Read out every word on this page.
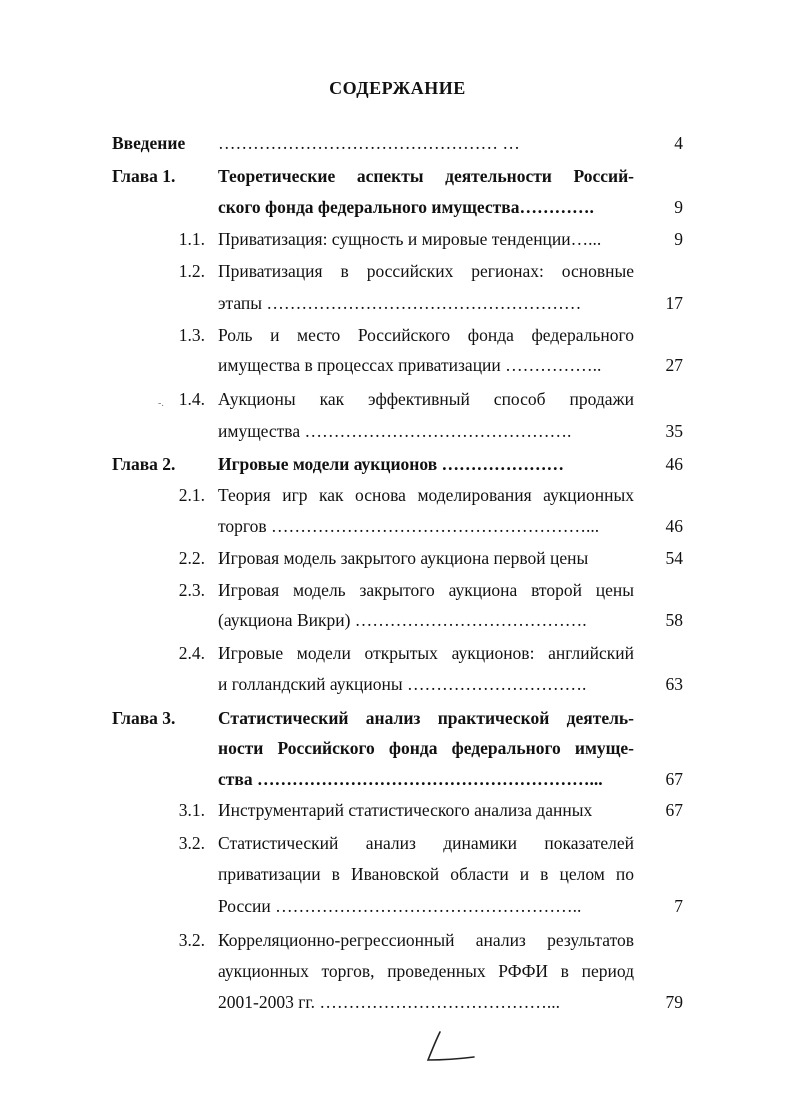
СОДЕРЖАНИЕ
Введение ………………………………………… …	4
Глава 1. Теоретические аспекты деятельности Россий-
ского фонда федерального имущества………….	9
1.1. Приватизация: сущность и мировые тенденции…...	9
1.2. Приватизация в российских регионах: основные
этапы ………………………………………………	17
1.3. Роль и место Российского фонда федерального
имущества в процессах приватизации ……………..	27
1.4. Аукционы как эффективный способ продажи
имущества ……………………………………….	35
Глава 2. Игровые модели аукционов …………………	46
2.1. Теория игр как основа моделирования аукционных
торгов ………………………………………………...	46
2.2. Игровая модель закрытого аукциона первой цены	54
2.3. Игровая модель закрытого аукциона второй цены
(аукциона Викри) ………………………………….	58
2.4. Игровые модели открытых аукционов: английский
и голландский аукционы ………………………….	63
Глава 3. Статистический анализ практической деятель-
ности Российского фонда федерального имуще-
ства …………………………………………………...	67
3.1. Инструментарий статистического анализа данных	67
3.2. Статистический анализ динамики показателей
приватизации в Ивановской области и в целом по
России ……………………………………………..	7
3.2. Корреляционно-регрессионный анализ результатов
аукционных торгов, проведенных РФФИ в период
2001-2003 гг. …………………………………...	79
-.
